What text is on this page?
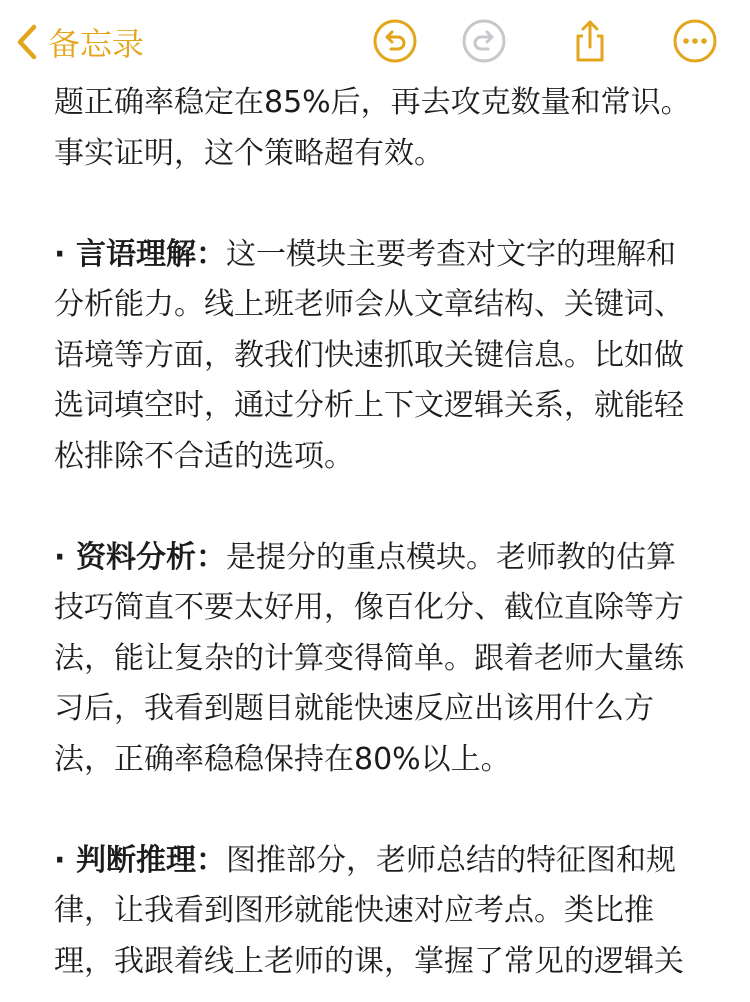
备忘录

题正确率稳定在85%后，再去攻克数量和常识。

事实证明，这个策略超有效。

· 言语理解：这一模块主要考查对文字的理解和

分析能力。线上班老师会从文章结构、关键词、

语境等方面，教我们快速抓取关键信息。比如做

选词填空时，通过分析上下文逻辑关系，就能轻

松排除不合适的选项。

· 资料分析：是提分的重点模块。老师教的估算

技巧简直不要太好用，像百化分、截位直除等方

法，能让复杂的计算变得简单。跟着老师大量练

习后，我看到题目就能快速反应出该用什么方

法，正确率稳稳保持在80%以上。

· 判断推理：图推部分，老师总结的特征图和规

律，让我看到图形就能快速对应考点。类比推

理，我跟着线上老师的课，掌握了常见的逻辑关
